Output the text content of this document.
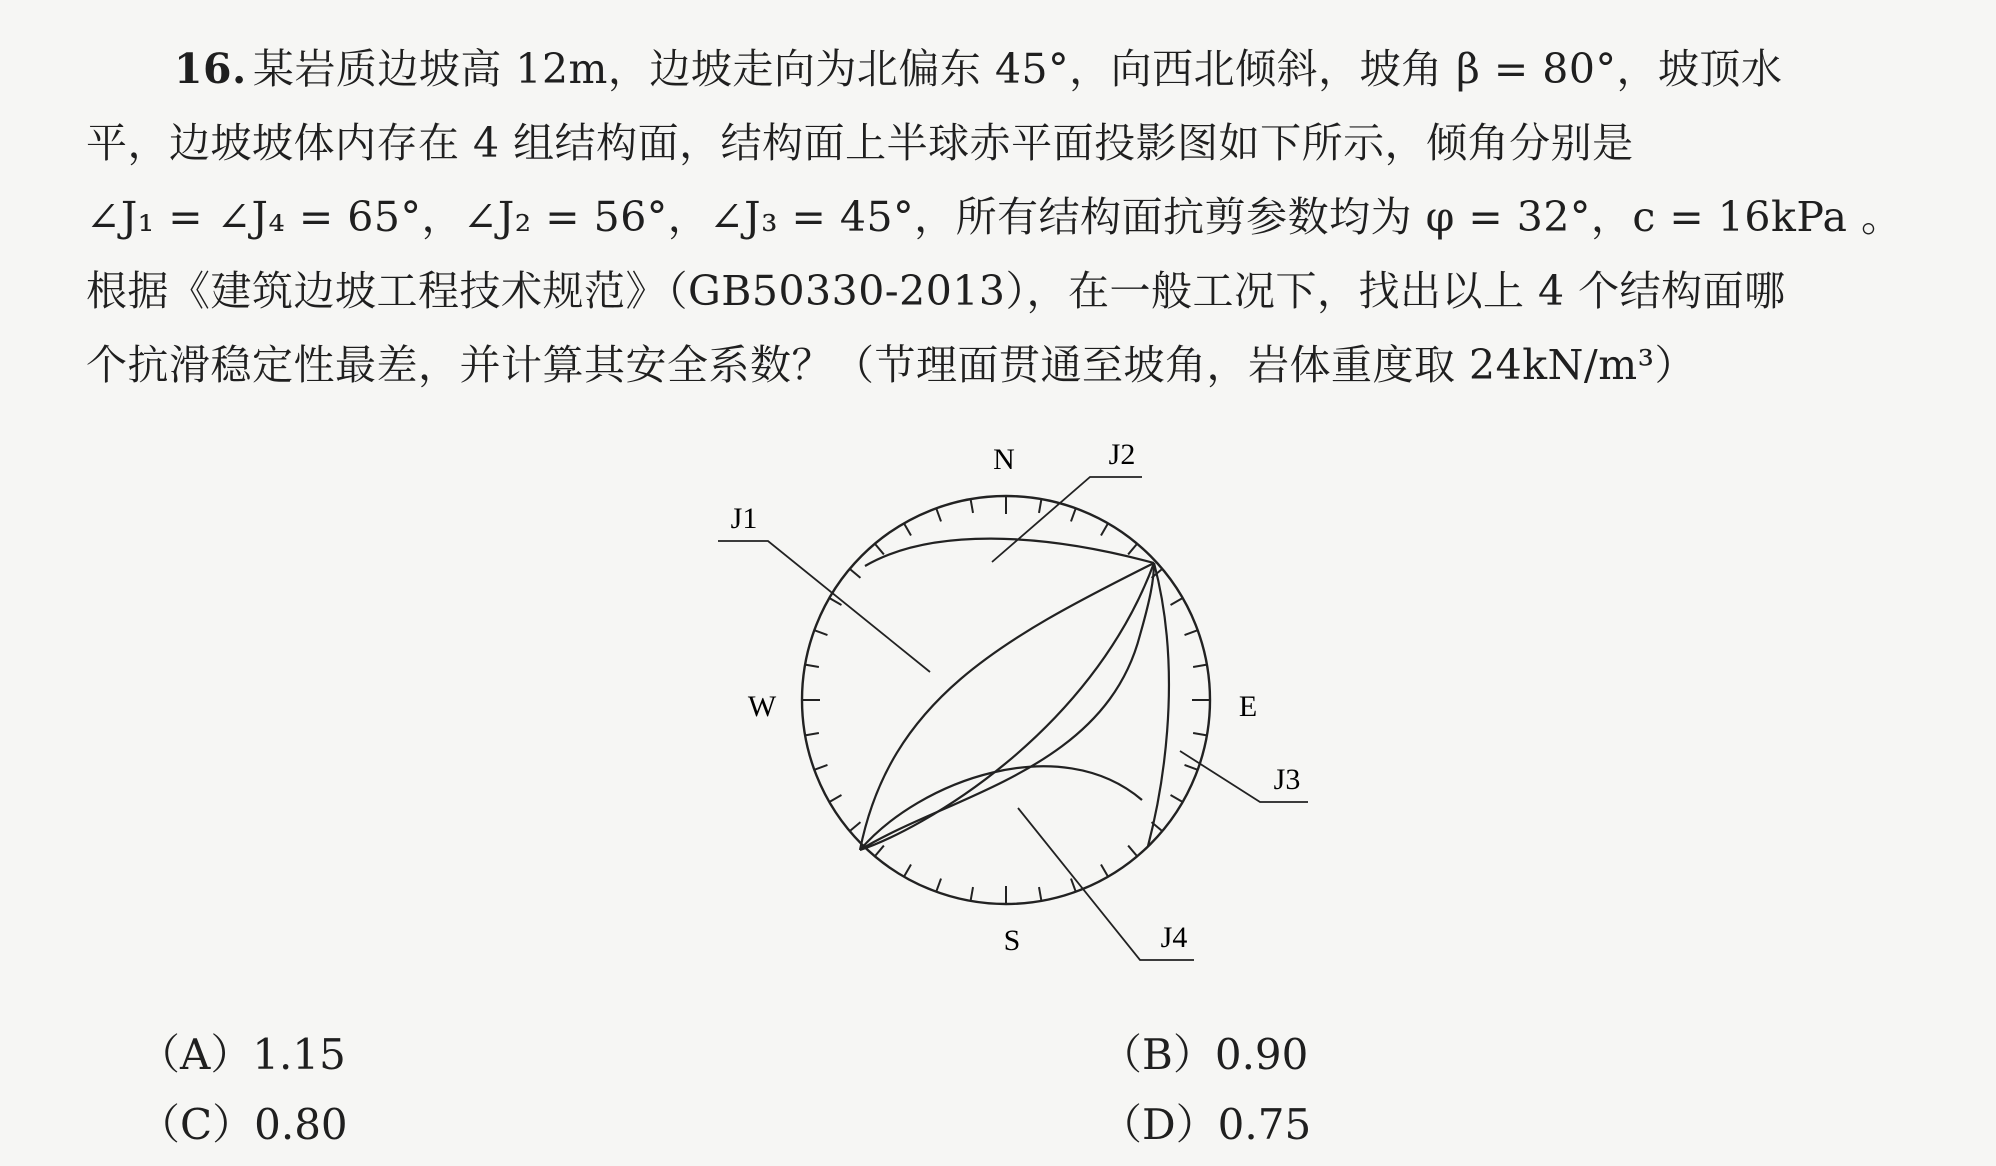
16. 某岩质边坡高 12m，边坡走向为北偏东 45°，向西北倾斜，坡角 β = 80°，坡顶水
平，边坡坡体内存在 4 组结构面，结构面上半球赤平面投影图如下所示，倾角分别是
∠J₁ = ∠J₄ = 65°，∠J₂ = 56°，∠J₃ = 45°，所有结构面抗剪参数均为 φ = 32°，c = 16kPa 。
根据《建筑边坡工程技术规范》（GB50330-2013），在一般工况下，找出以上 4 个结构面哪
个抗滑稳定性最差，并计算其安全系数？（节理面贯通至坡角，岩体重度取 24kN/m³）
N
S
E
W
J1
J2
J3
J4
（A）1.15	（B）0.90
（C）0.80	（D）0.75
